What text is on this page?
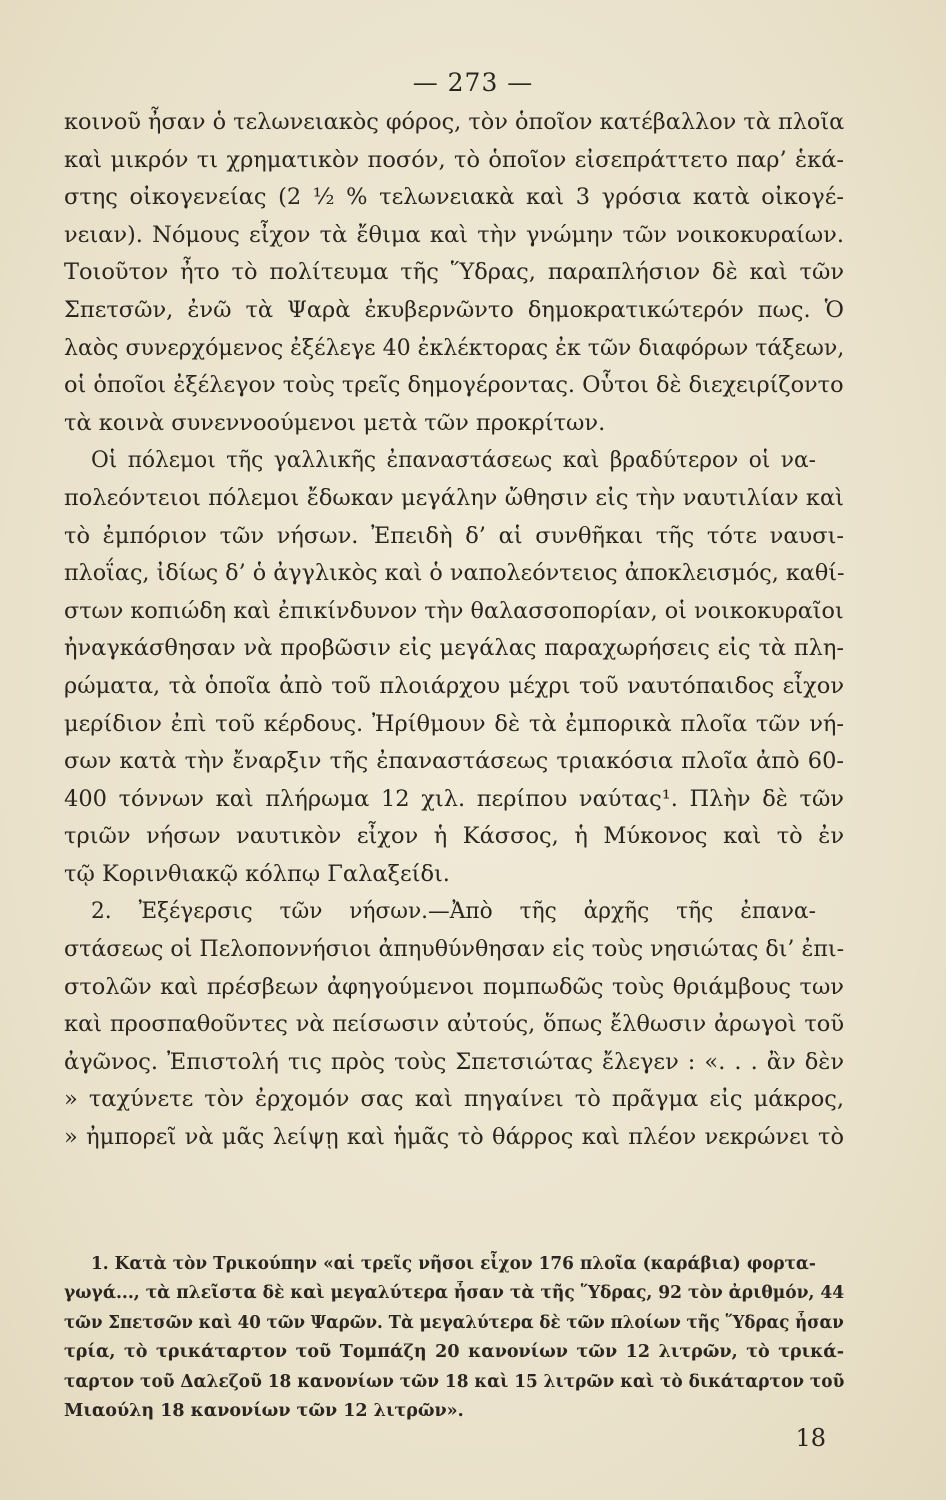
— 273 —
κοινοῦ ἦσαν ὁ τελωνειακὸς φόρος, τὸν ὁποῖον κατέβαλλον τὰ πλοῖα
καὶ μικρόν τι χρηματικὸν ποσόν, τὸ ὁποῖον εἰσεπράττετο παρ’ ἑκά-
στης οἰκογενείας (2 ½ % τελωνειακὰ καὶ 3 γρόσια κατὰ οἰκογέ-
νειαν). Νόμους εἶχον τὰ ἔθιμα καὶ τὴν γνώμην τῶν νοικοκυραίων.
Τοιοῦτον ἦτο τὸ πολίτευμα τῆς Ὕδρας, παραπλήσιον δὲ καὶ τῶν
Σπετσῶν, ἐνῶ τὰ Ψαρὰ ἐκυβερνῶντο δημοκρατικώτερόν πως. Ὁ
λαὸς συνερχόμενος ἐξέλεγε 40 ἐκλέκτορας ἐκ τῶν διαφόρων τάξεων,
οἱ ὁποῖοι ἐξέλεγον τοὺς τρεῖς δημογέροντας. Οὗτοι δὲ διεχειρίζοντο
τὰ κοινὰ συνεννοούμενοι μετὰ τῶν προκρίτων.
Οἱ πόλεμοι τῆς γαλλικῆς ἐπαναστάσεως καὶ βραδύτερον οἱ να-
πολεόντειοι πόλεμοι ἔδωκαν μεγάλην ὤθησιν εἰς τὴν ναυτιλίαν καὶ
τὸ ἐμπόριον τῶν νήσων. Ἐπειδὴ δ’ αἱ συνθῆκαι τῆς τότε ναυσι-
πλοΐας, ἰδίως δ’ ὁ ἀγγλικὸς καὶ ὁ ναπολεόντειος ἀποκλεισμός, καθί-
στων κοπιώδη καὶ ἐπικίνδυνον τὴν θαλασσοπορίαν, οἱ νοικοκυραῖοι
ἠναγκάσθησαν νὰ προβῶσιν εἰς μεγάλας παραχωρήσεις εἰς τὰ πλη-
ρώματα, τὰ ὁποῖα ἀπὸ τοῦ πλοιάρχου μέχρι τοῦ ναυτόπαιδος εἶχον
μερίδιον ἐπὶ τοῦ κέρδους. Ἠρίθμουν δὲ τὰ ἐμπορικὰ πλοῖα τῶν νή-
σων κατὰ τὴν ἔναρξιν τῆς ἐπαναστάσεως τριακόσια πλοῖα ἀπὸ 60-
400 τόννων καὶ πλήρωμα 12 χιλ. περίπου ναύτας¹. Πλὴν δὲ τῶν
τριῶν νήσων ναυτικὸν εἶχον ἡ Κάσσος, ἡ Μύκονος καὶ τὸ ἐν
τῷ Κορινθιακῷ κόλπῳ Γαλαξείδι.
2. Ἐξέγερσις τῶν νήσων.—Ἀπὸ τῆς ἀρχῆς τῆς ἐπανα-
στάσεως οἱ Πελοποννήσιοι ἀπηυθύνθησαν εἰς τοὺς νησιώτας δι’ ἐπι-
στολῶν καὶ πρέσβεων ἀφηγούμενοι πομπωδῶς τοὺς θριάμβους των
καὶ προσπαθοῦντες νὰ πείσωσιν αὐτούς, ὅπως ἔλθωσιν ἀρωγοὶ τοῦ
ἀγῶνος. Ἐπιστολή τις πρὸς τοὺς Σπετσιώτας ἔλεγεν : «. . . ἂν δὲν
» ταχύνετε τὸν ἐρχομόν σας καὶ πηγαίνει τὸ πρᾶγμα εἰς μάκρος,
» ἠμπορεῖ νὰ μᾶς λείψῃ καὶ ἡμᾶς τὸ θάρρος καὶ πλέον νεκρώνει τὸ
1. Κατὰ τὸν Τρικούπην «αἱ τρεῖς νῆσοι εἶχον 176 πλοῖα (καράβια) φορτα-
γωγά..., τὰ πλεῖστα δὲ καὶ μεγαλύτερα ἦσαν τὰ τῆς Ὕδρας, 92 τὸν ἀριθμόν, 44
τῶν Σπετσῶν καὶ 40 τῶν Ψαρῶν. Τὰ μεγαλύτερα δὲ τῶν πλοίων τῆς Ὕδρας ἦσαν
τρία, τὸ τρικάταρτον τοῦ Τομπάζη 20 κανονίων τῶν 12 λιτρῶν, τὸ τρικά-
ταρτον τοῦ Δαλεζοῦ 18 κανονίων τῶν 18 καὶ 15 λιτρῶν καὶ τὸ δικάταρτον τοῦ
Μιαούλη 18 κανονίων τῶν 12 λιτρῶν».
18
